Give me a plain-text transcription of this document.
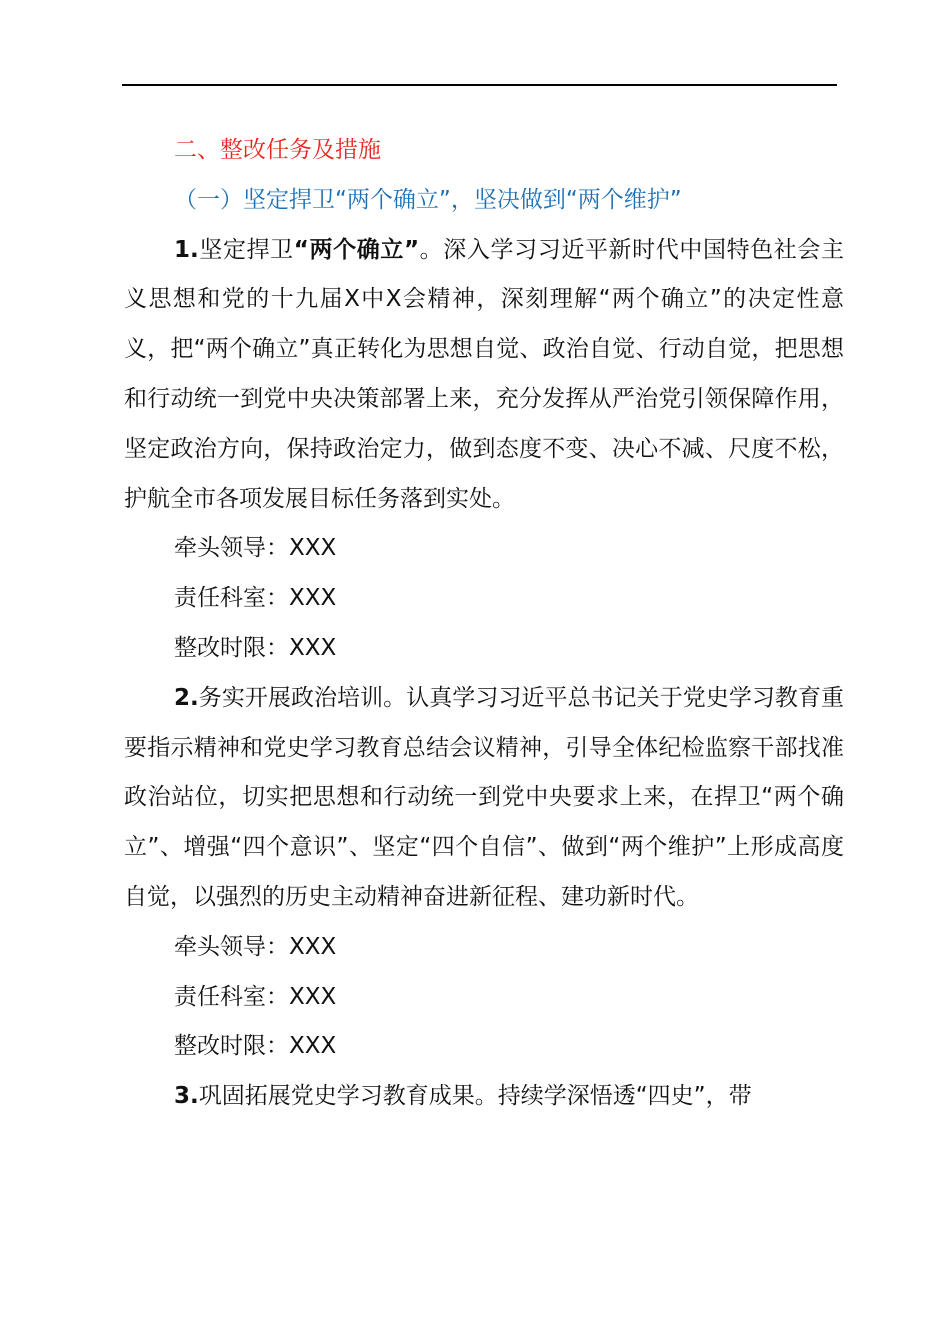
二、整改任务及措施

（一）坚定捍卫“两个确立”，坚决做到“两个维护”

1.坚定捍卫“两个确立”。深入学习习近平新时代中国特色社会主义思想和党的十九届X中X会精神，深刻理解“两个确立”的决定性意义，把“两个确立”真正转化为思想自觉、政治自觉、行动自觉，把思想和行动统一到党中央决策部署上来，充分发挥从严治党引领保障作用，坚定政治方向，保持政治定力，做到态度不变、决心不减、尺度不松，护航全市各项发展目标任务落到实处。

牵头领导：XXX

责任科室：XXX

整改时限：XXX

2.务实开展政治培训。认真学习习近平总书记关于党史学习教育重要指示精神和党史学习教育总结会议精神，引导全体纪检监察干部找准政治站位，切实把思想和行动统一到党中央要求上来，在捍卫“两个确立”、增强“四个意识”、坚定“四个自信”、做到“两个维护”上形成高度自觉，以强烈的历史主动精神奋进新征程、建功新时代。

牵头领导：XXX

责任科室：XXX

整改时限：XXX

3.巩固拓展党史学习教育成果。持续学深悟透“四史”，带
